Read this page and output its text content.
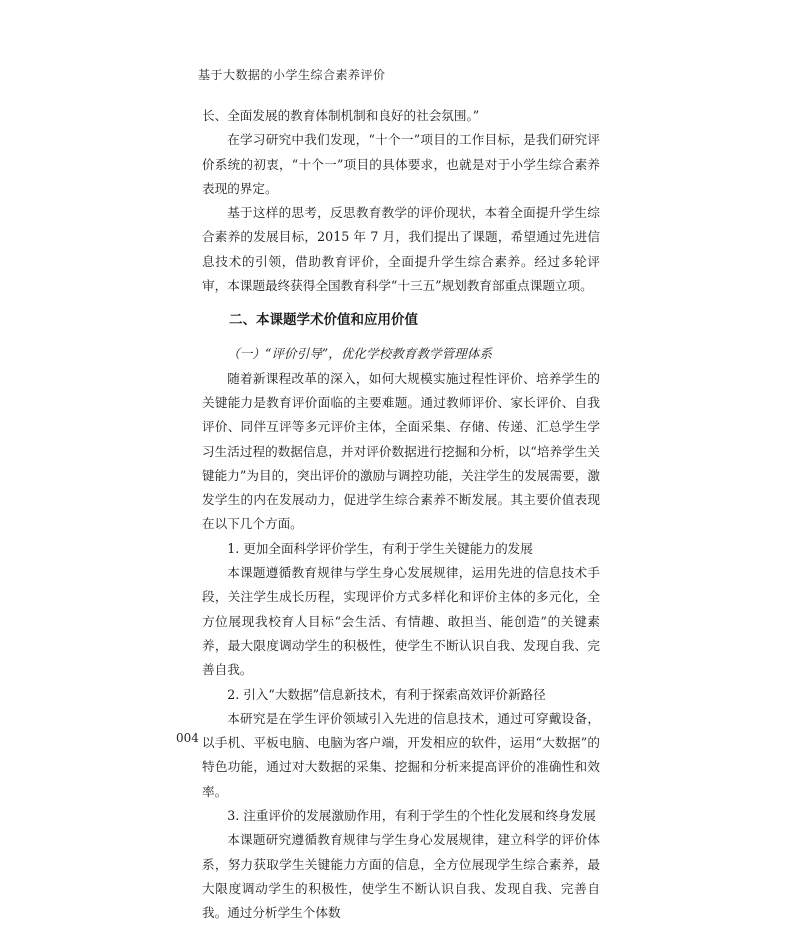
基于大数据的小学生综合素养评价

长、全面发展的教育体制机制和良好的社会氛围。”

在学习研究中我们发现，“十个一”项目的工作目标，是我们研究评价系统的初衷，“十个一”项目的具体要求，也就是对于小学生综合素养表现的界定。

基于这样的思考，反思教育教学的评价现状，本着全面提升学生综合素养的发展目标，2015 年 7 月，我们提出了课题，希望通过先进信息技术的引领，借助教育评价，全面提升学生综合素养。经过多轮评审，本课题最终获得全国教育科学“十三五”规划教育部重点课题立项。

二、本课题学术价值和应用价值
（一）“评价引导”，优化学校教育教学管理体系

随着新课程改革的深入，如何大规模实施过程性评价、培养学生的关键能力是教育评价面临的主要难题。通过教师评价、家长评价、自我评价、同伴互评等多元评价主体，全面采集、存储、传递、汇总学生学习生活过程的数据信息，并对评价数据进行挖掘和分析，以“培养学生关键能力”为目的，突出评价的激励与调控功能，关注学生的发展需要，激发学生的内在发展动力，促进学生综合素养不断发展。其主要价值表现在以下几个方面。

1. 更加全面科学评价学生，有利于学生关键能力的发展

本课题遵循教育规律与学生身心发展规律，运用先进的信息技术手段，关注学生成长历程，实现评价方式多样化和评价主体的多元化，全方位展现我校育人目标“会生活、有情趣、敢担当、能创造”的关键素养，最大限度调动学生的积极性，使学生不断认识自我、发现自我、完善自我。

2. 引入“大数据”信息新技术，有利于探索高效评价新路径

本研究是在学生评价领域引入先进的信息技术，通过可穿戴设备，以手机、平板电脑、电脑为客户端，开发相应的软件，运用“大数据”的特色功能，通过对大数据的采集、挖掘和分析来提高评价的准确性和效率。

3. 注重评价的发展激励作用，有利于学生的个性化发展和终身发展

本课题研究遵循教育规律与学生身心发展规律，建立科学的评价体系，努力获取学生关键能力方面的信息，全方位展现学生综合素养，最大限度调动学生的积极性，使学生不断认识自我、发现自我、完善自我。通过分析学生个体数

004
